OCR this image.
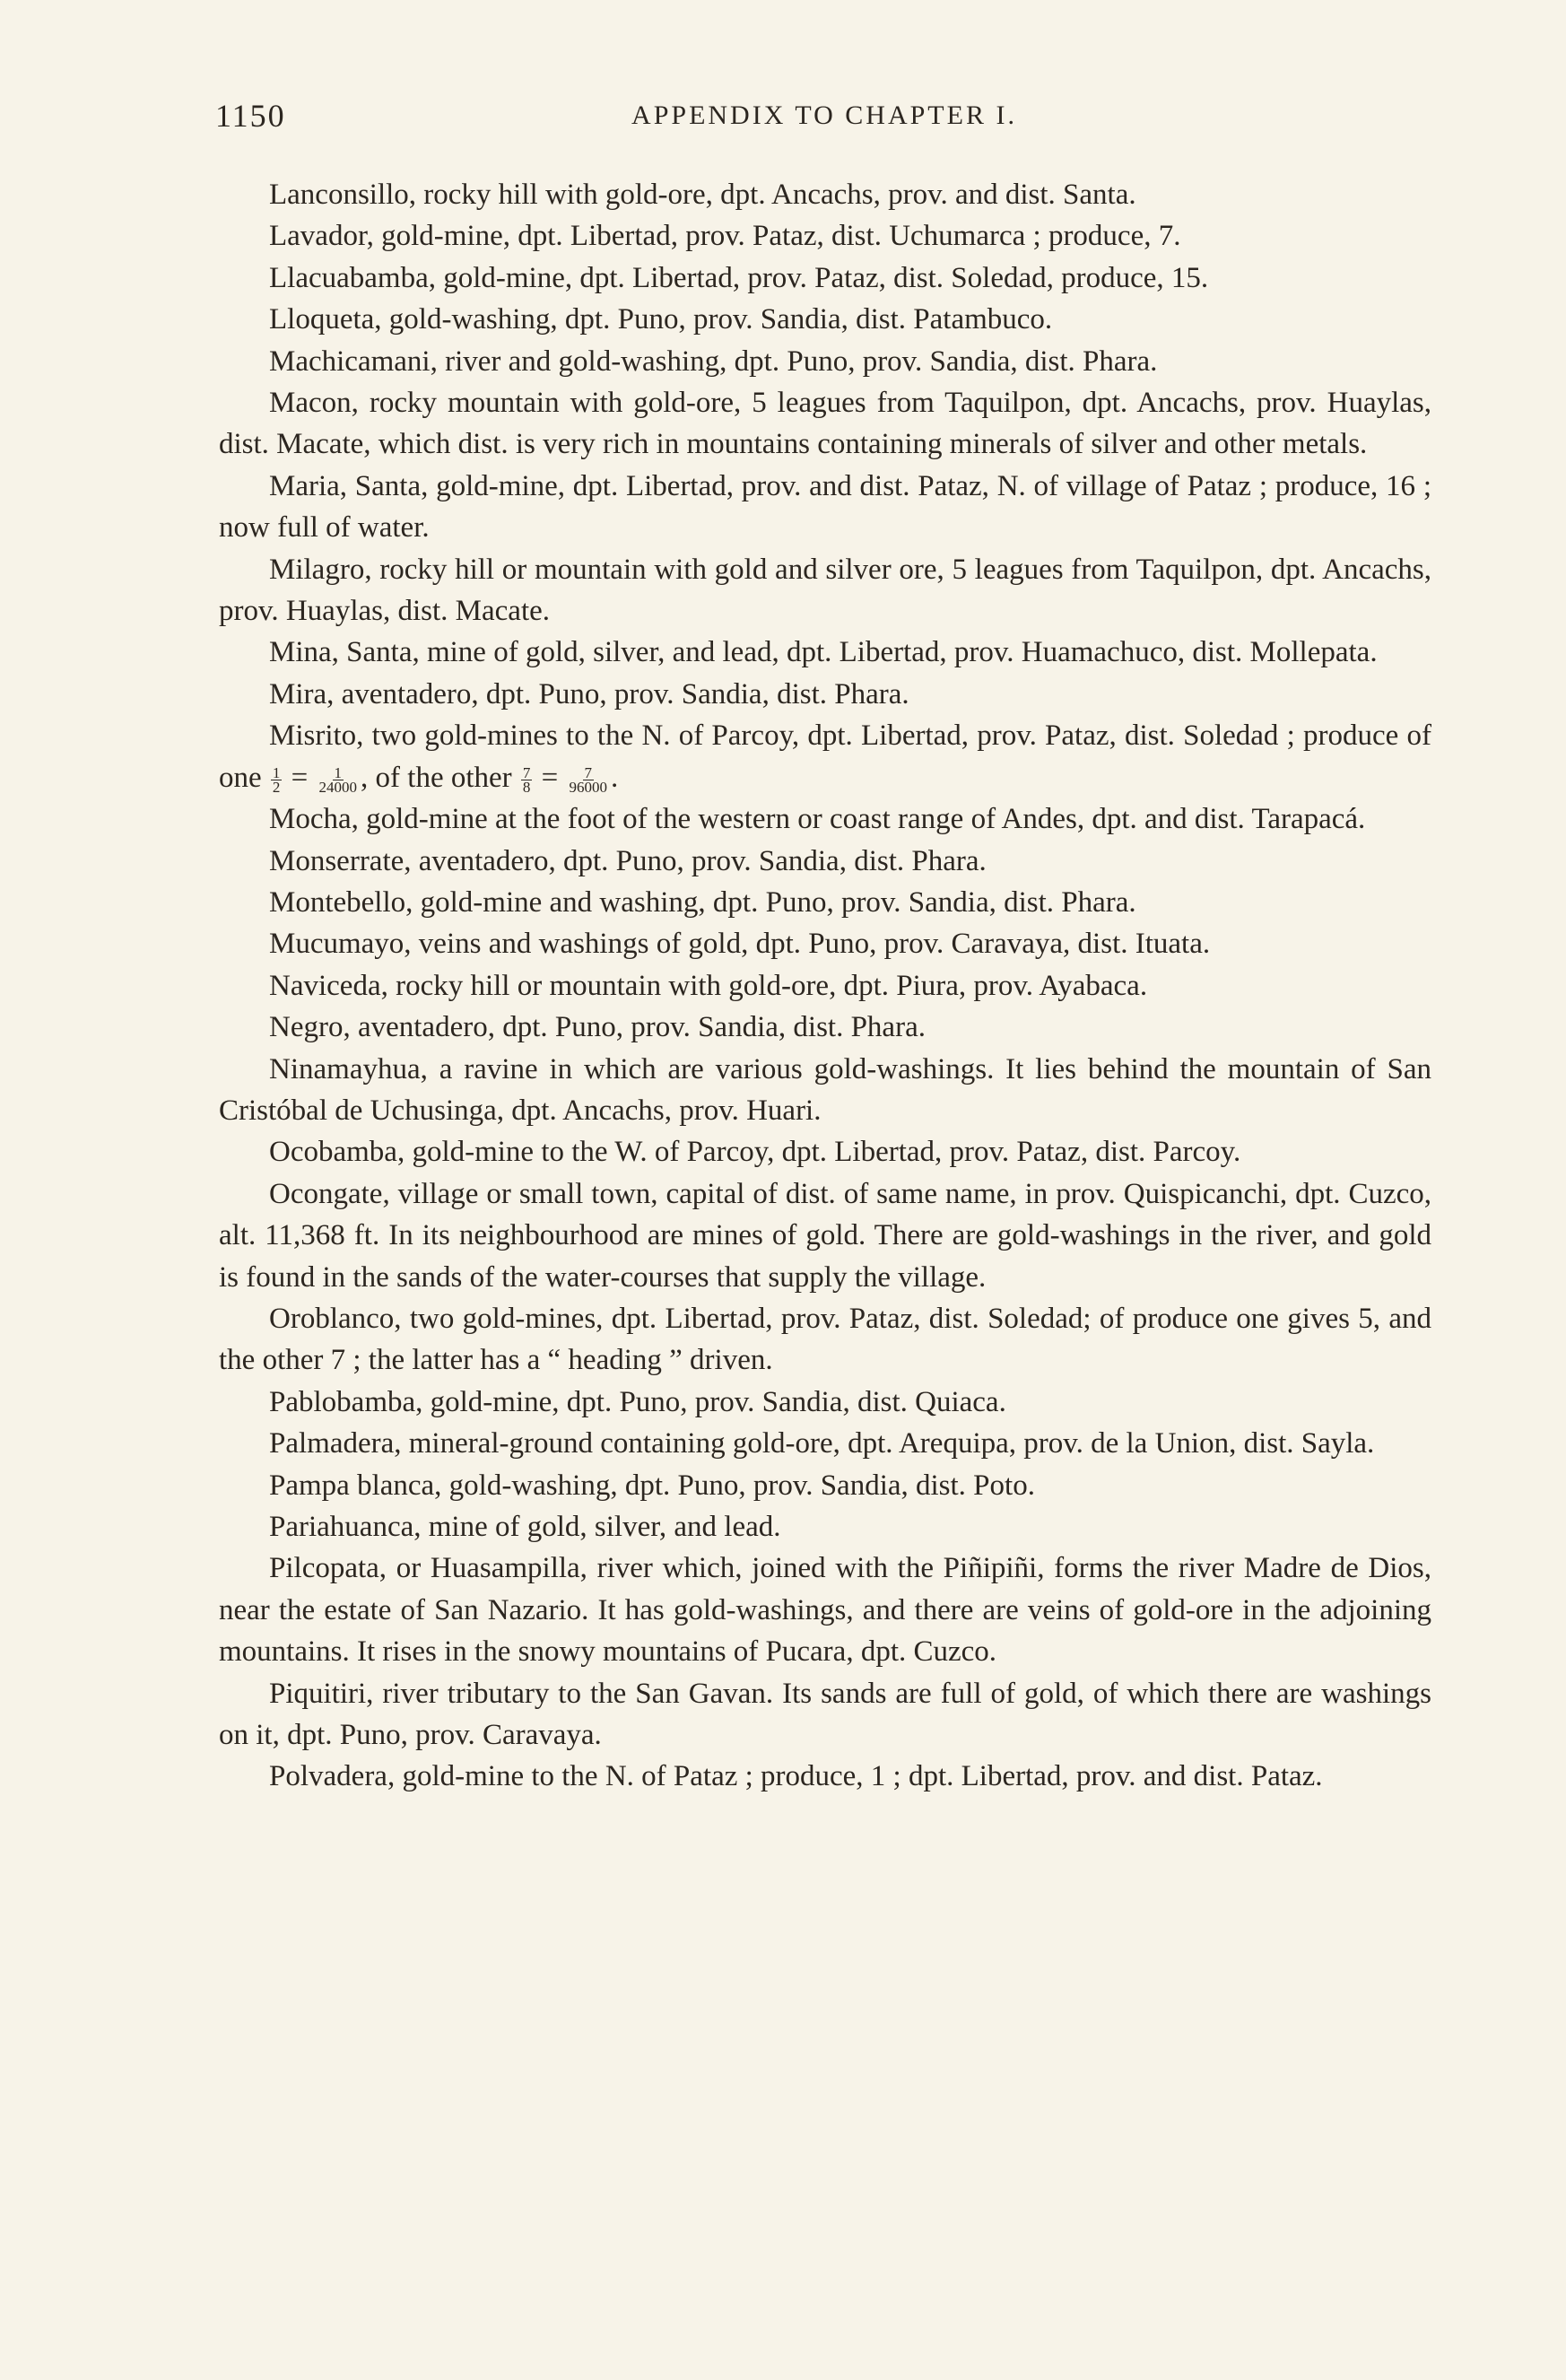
1150	APPENDIX TO CHAPTER I.

Lanconsillo, rocky hill with gold-ore, dpt. Ancachs, prov. and dist. Santa.

Lavador, gold-mine, dpt. Libertad, prov. Pataz, dist. Uchumarca ; produce, 7.

Llacuabamba, gold-mine, dpt. Libertad, prov. Pataz, dist. Soledad, produce, 15.

Lloqueta, gold-washing, dpt. Puno, prov. Sandia, dist. Patambuco.

Machicamani, river and gold-washing, dpt. Puno, prov. Sandia, dist. Phara.

Macon, rocky mountain with gold-ore, 5 leagues from Taquilpon, dpt. Ancachs, prov. Huaylas, dist. Macate, which dist. is very rich in mountains containing minerals of silver and other metals.

Maria, Santa, gold-mine, dpt. Libertad, prov. and dist. Pataz, N. of village of Pataz ; produce, 16 ; now full of water.

Milagro, rocky hill or mountain with gold and silver ore, 5 leagues from Taquilpon, dpt. Ancachs, prov. Huaylas, dist. Macate.

Mina, Santa, mine of gold, silver, and lead, dpt. Libertad, prov. Huamachuco, dist. Mollepata.

Mira, aventadero, dpt. Puno, prov. Sandia, dist. Phara.

Misrito, two gold-mines to the N. of Parcoy, dpt. Libertad, prov. Pataz, dist. Soledad ; produce of one $\frac{1}{2} = \frac{1}{24000}$ , of the other $\frac{7}{8} = \frac{7}{96000}$ .

Mocha, gold-mine at the foot of the western or coast range of Andes, dpt. and dist. Tarapacá.

Monserrate, aventadero, dpt. Puno, prov. Sandia, dist. Phara.

Montebello, gold-mine and washing, dpt. Puno, prov. Sandia, dist. Phara.

Mucumayo, veins and washings of gold, dpt. Puno, prov. Caravaya, dist. Ituata.

Naviceda, rocky hill or mountain with gold-ore, dpt. Piura, prov. Ayabaca.

Negro, aventadero, dpt. Puno, prov. Sandia, dist. Phara.

Ninamayhua, a ravine in which are various gold-washings. It lies behind the mountain of San Cristóbal de Uchusinga, dpt. Ancachs, prov. Huari.

Ocobamba, gold-mine to the W. of Parcoy, dpt. Libertad, prov. Pataz, dist. Parcoy.

Ocongate, village or small town, capital of dist. of same name, in prov. Quispicanchi, dpt. Cuzco, alt. 11,368 ft. In its neighbourhood are mines of gold. There are gold-washings in the river, and gold is found in the sands of the water-courses that supply the village.

Oroblanco, two gold-mines, dpt. Libertad, prov. Pataz, dist. Soledad; of produce one gives 5, and the other 7 ; the latter has a “ heading ” driven.

Pablobamba, gold-mine, dpt. Puno, prov. Sandia, dist. Quiaca.

Palmadera, mineral-ground containing gold-ore, dpt. Arequipa, prov. de la Union, dist. Sayla.

Pampa blanca, gold-washing, dpt. Puno, prov. Sandia, dist. Poto.

Pariahuanca, mine of gold, silver, and lead.

Pilcopata, or Huasampilla, river which, joined with the Piñipiñi, forms the river Madre de Dios, near the estate of San Nazario. It has gold-washings, and there are veins of gold-ore in the adjoining mountains. It rises in the snowy mountains of Pucara, dpt. Cuzco.

Piquitiri, river tributary to the San Gavan. Its sands are full of gold, of which there are washings on it, dpt. Puno, prov. Caravaya.

Polvadera, gold-mine to the N. of Pataz ; produce, 1 ; dpt. Libertad, prov. and dist. Pataz.
